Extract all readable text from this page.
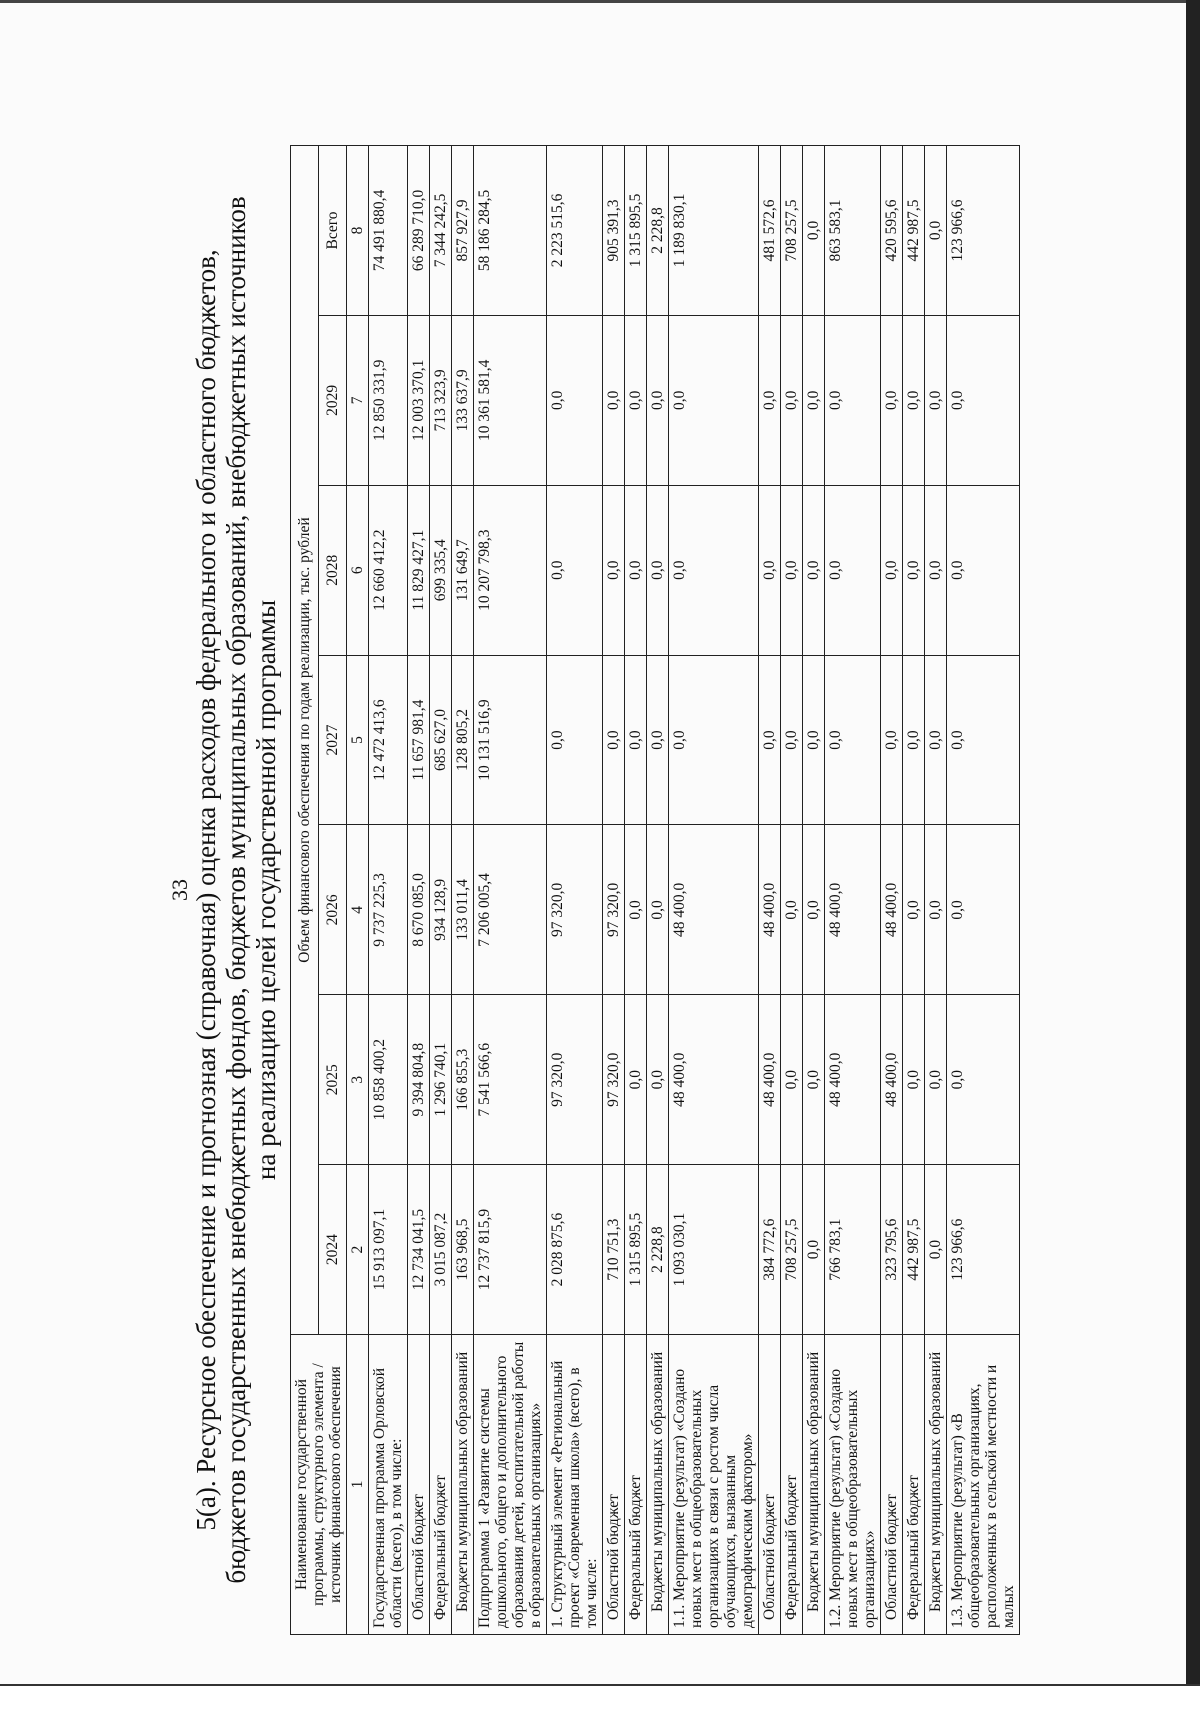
33
5(а). Ресурсное обеспечение и прогнозная (справочная) оценка расходов федерального и областного бюджетов,
бюджетов государственных внебюджетных фондов, бюджетов муниципальных образований, внебюджетных источников
на реализацию целей государственной программы
Наименование государственной программы, структурного элемента / источник финансового обеспечения	Объем финансового обеспечения по годам реализации, тыс. рублей						
	2024	2025	2026	2027	2028	2029	Всего
1	2	3	4	5	6	7	8
Государственная программа Орловской области (всего), в том числе:	15 913 097,1	10 858 400,2	9 737 225,3	12 472 413,6	12 660 412,2	12 850 331,9	74 491 880,4
Областной бюджет	12 734 041,5	9 394 804,8	8 670 085,0	11 657 981,4	11 829 427,1	12 003 370,1	66 289 710,0
Федеральный бюджет	3 015 087,2	1 296 740,1	934 128,9	685 627,0	699 335,4	713 323,9	7 344 242,5
Бюджеты муниципальных образований	163 968,5	166 855,3	133 011,4	128 805,2	131 649,7	133 637,9	857 927,9
Подпрограмма 1 «Развитие системы дошкольного, общего и дополнительного образования детей, воспитательной работы в образовательных организациях»	12 737 815,9	7 541 566,6	7 206 005,4	10 131 516,9	10 207 798,3	10 361 581,4	58 186 284,5
1. Структурный элемент «Региональный проект «Современная школа» (всего), в том числе:	2 028 875,6	97 320,0	97 320,0	0,0	0,0	0,0	2 223 515,6
Областной бюджет	710 751,3	97 320,0	97 320,0	0,0	0,0	0,0	905 391,3
Федеральный бюджет	1 315 895,5	0,0	0,0	0,0	0,0	0,0	1 315 895,5
Бюджеты муниципальных образований	2 228,8	0,0	0,0	0,0	0,0	0,0	2 228,8
1.1. Мероприятие (результат) «Создано новых мест в общеобразовательных организациях в связи с ростом числа обучающихся, вызванным демографическим фактором»	1 093 030,1	48 400,0	48 400,0	0,0	0,0	0,0	1 189 830,1
Областной бюджет	384 772,6	48 400,0	48 400,0	0,0	0,0	0,0	481 572,6
Федеральный бюджет	708 257,5	0,0	0,0	0,0	0,0	0,0	708 257,5
Бюджеты муниципальных образований	0,0	0,0	0,0	0,0	0,0	0,0	0,0
1.2. Мероприятие (результат) «Создано новых мест в общеобразовательных организациях»	766 783,1	48 400,0	48 400,0	0,0	0,0	0,0	863 583,1
Областной бюджет	323 795,6	48 400,0	48 400,0	0,0	0,0	0,0	420 595,6
Федеральный бюджет	442 987,5	0,0	0,0	0,0	0,0	0,0	442 987,5
Бюджеты муниципальных образований	0,0	0,0	0,0	0,0	0,0	0,0	0,0
1.3. Мероприятие (результат) «В общеобразовательных организациях, расположенных в сельской местности и малых	123 966,6	0,0	0,0	0,0	0,0	0,0	123 966,6
